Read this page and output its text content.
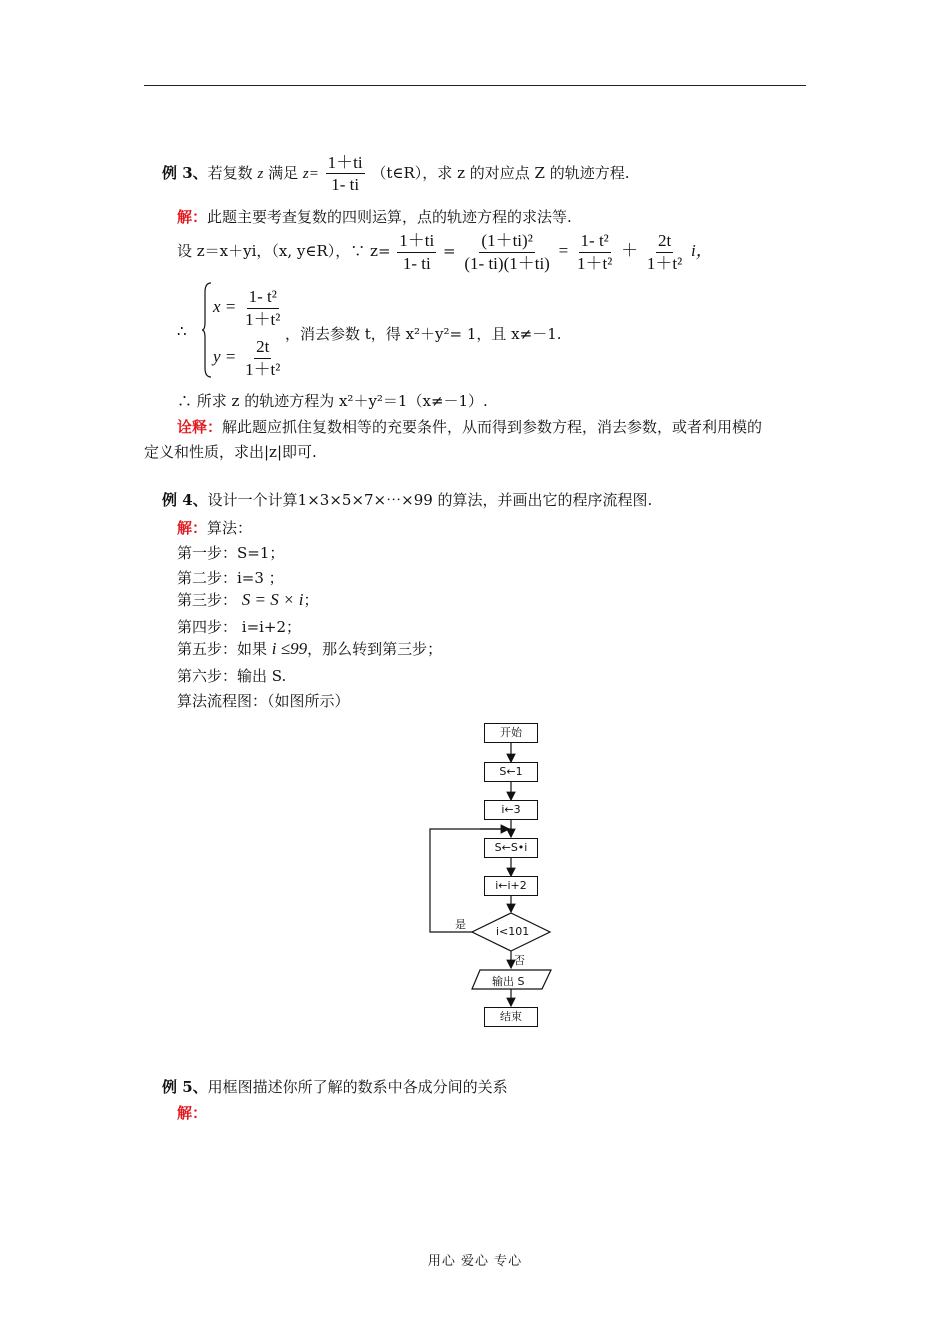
例 3、若复数 z 满足 $z= \frac{1+ti}{1- ti}$ （t∈R），求 z 的对应点 Z 的轨迹方程.
解：此题主要考查复数的四则运算，点的轨迹方程的求法等.
设 z＝x＋yi，（x, y∈R），∵ $z= \frac{1+ti}{1- ti} = \frac{\text{(1＋ti)²}}{(1- ti)(1+ti)} = \frac{\text{1- t²}}{\text{1＋t²}} + \frac{2t}{\text{1＋t²}}$ i，
∴
$x = \frac{\text{1- t²}}{\text{1＋t²}}$
$y = \frac{2t}{\text{1＋t²}}$
，消去参数 t，得 x²＋y²= 1，且 x≠－1.
∴ 所求 z 的轨迹方程为 x²＋y²＝1（x≠－1）.
诠释：解此题应抓住复数相等的充要条件，从而得到参数方程，消去参数，或者利用模的
定义和性质，求出|z|即可.
例 4、设计一个计算1×3×5×7×⋯×99 的算法，并画出它的程序流程图.
解：算法：
第一步：S=1；
第二步：i=3 ；
第三步： S = S × i；
第四步： i=i+2；
第五步：如果 i ≤99，那么转到第三步；
第六步：输出 S.
算法流程图：（如图所示）
开始
S←1
i←3
S←S•i
i←i+2
i<101
是
否
输出 S
结束
例 5、用框图描述你所了解的数系中各成分间的关系
解：
用心 爱心 专心
